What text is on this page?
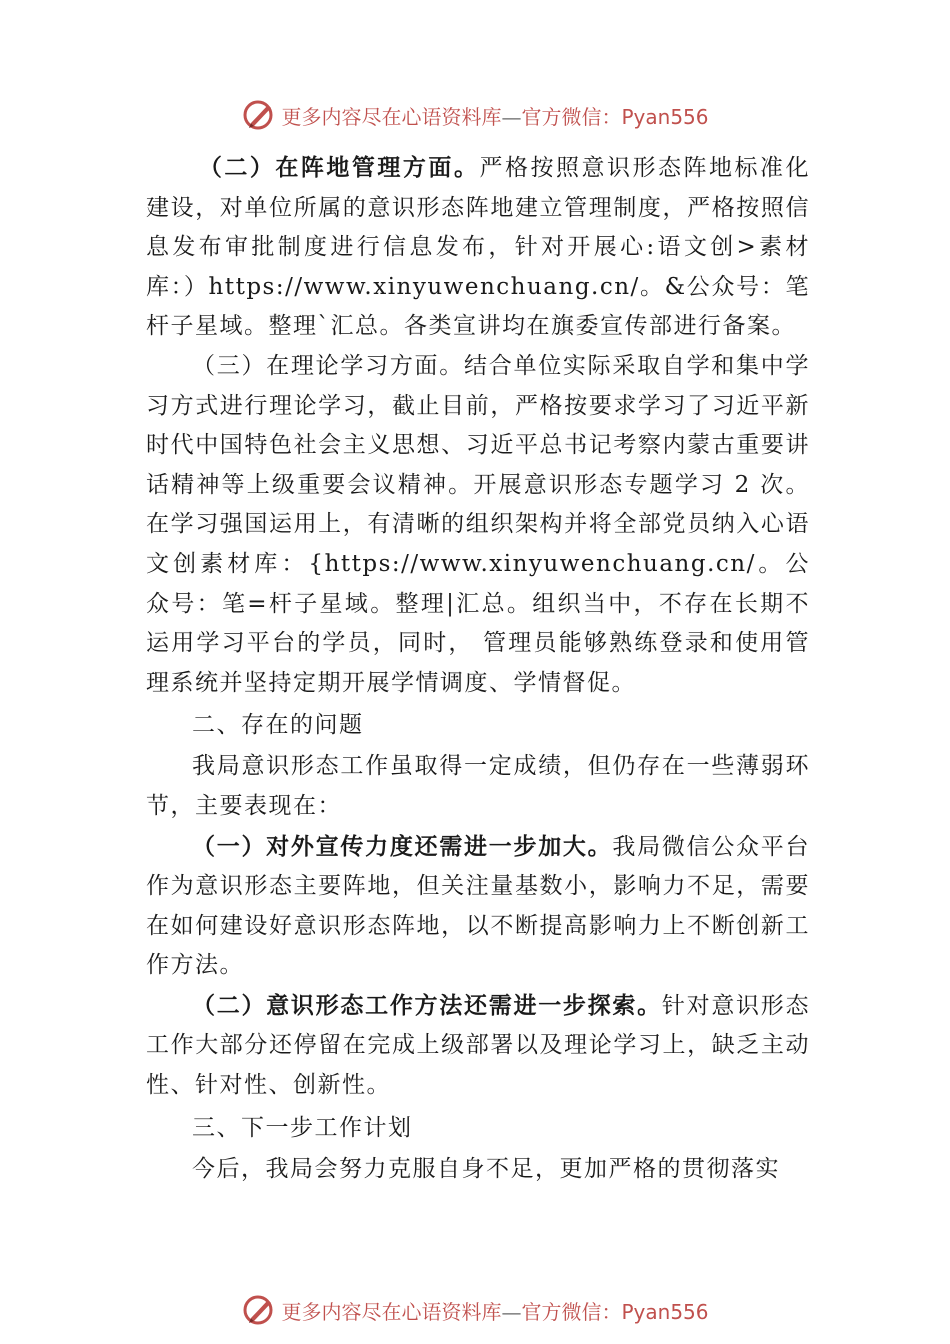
更多内容尽在心语资料库—官方微信：Pyan556

（二）在阵地管理方面。严格按照意识形态阵地标准化建设，对单位所属的意识形态阵地建立管理制度，严格按照信息发布审批制度进行信息发布，针对开展心:语文创>素材库：）https://www.xinyuwenchuang.cn/。&公众号：笔杆子星域。整理`汇总。各类宣讲均在旗委宣传部进行备案。

（三）在理论学习方面。结合单位实际采取自学和集中学习方式进行理论学习，截止目前，严格按要求学习了习近平新时代中国特色社会主义思想、习近平总书记考察内蒙古重要讲话精神等上级重要会议精神。开展意识形态专题学习 2 次。在学习强国运用上，有清晰的组织架构并将全部党员纳入心语文创素材库：{https://www.xinyuwenchuang.cn/。公众号：笔=杆子星域。整理|汇总。组织当中，不存在长期不运用学习平台的学员，同时， 管理员能够熟练登录和使用管理系统并坚持定期开展学情调度、学情督促。

二、存在的问题

我局意识形态工作虽取得一定成绩，但仍存在一些薄弱环节，主要表现在：

（一）对外宣传力度还需进一步加大。我局微信公众平台作为意识形态主要阵地，但关注量基数小，影响力不足，需要在如何建设好意识形态阵地，以不断提高影响力上不断创新工作方法。

（二）意识形态工作方法还需进一步探索。针对意识形态工作大部分还停留在完成上级部署以及理论学习上，缺乏主动性、针对性、创新性。

三、下一步工作计划

今后，我局会努力克服自身不足，更加严格的贯彻落实

更多内容尽在心语资料库—官方微信：Pyan556
